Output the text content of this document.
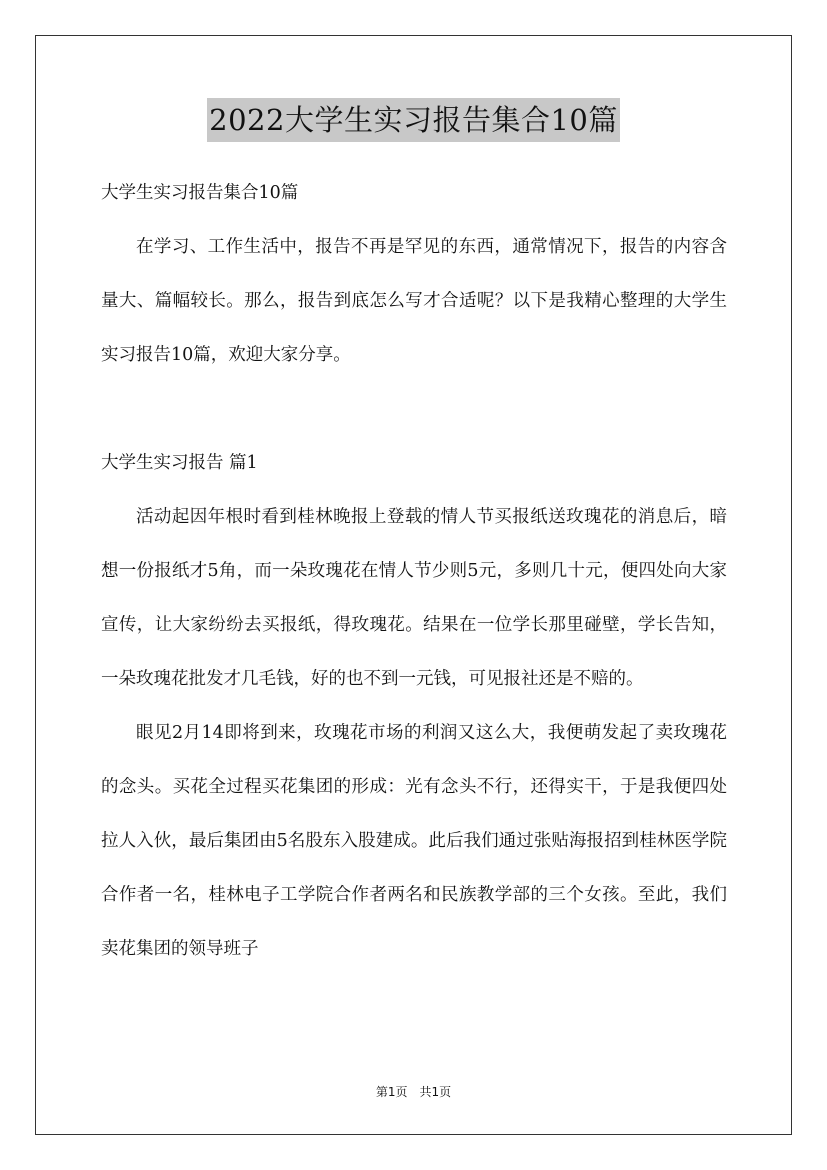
2022大学生实习报告集合10篇

大学生实习报告集合10篇

在学习、工作生活中，报告不再是罕见的东西，通常情况下，报告的内容含量大、篇幅较长。那么，报告到底怎么写才合适呢？以下是我精心整理的大学生实习报告10篇，欢迎大家分享。

大学生实习报告 篇1

活动起因年根时看到桂林晚报上登载的情人节买报纸送玫瑰花的消息后，暗想一份报纸才5角，而一朵玫瑰花在情人节少则5元，多则几十元，便四处向大家宣传，让大家纷纷去买报纸，得玫瑰花。结果在一位学长那里碰壁，学长告知，一朵玫瑰花批发才几毛钱，好的也不到一元钱，可见报社还是不赔的。

眼见2月14即将到来，玫瑰花市场的利润又这么大，我便萌发起了卖玫瑰花的念头。买花全过程买花集团的形成：光有念头不行，还得实干，于是我便四处拉人入伙，最后集团由5名股东入股建成。此后我们通过张贴海报招到桂林医学院合作者一名，桂林电子工学院合作者两名和民族教学部的三个女孩。至此，我们卖花集团的领导班子

第1页 共1页
